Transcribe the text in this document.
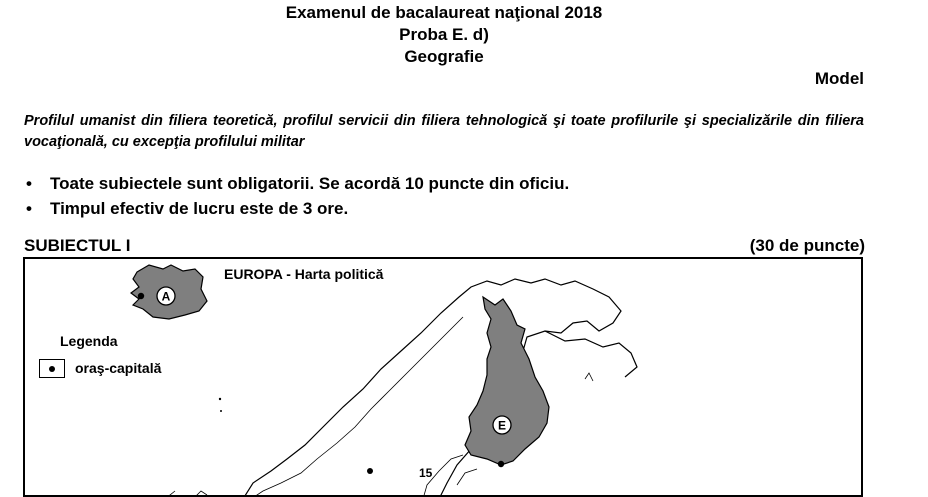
Examenul de bacalaureat naţional 2018
Proba E. d)
Geografie
Model
Profilul umanist din filiera teoretică, profilul servicii din filiera tehnologică şi toate profilurile şi specializările din filiera vocaţională, cu excepţia profilului militar
• Toate subiectele sunt obligatorii. Se acordă 10 puncte din oficiu.
• Timpul efectiv de lucru este de 3 ore.
SUBIECTUL I	(30 de puncte)
A
E
15
EUROPA - Harta politică
Legenda
oraş-capitală
